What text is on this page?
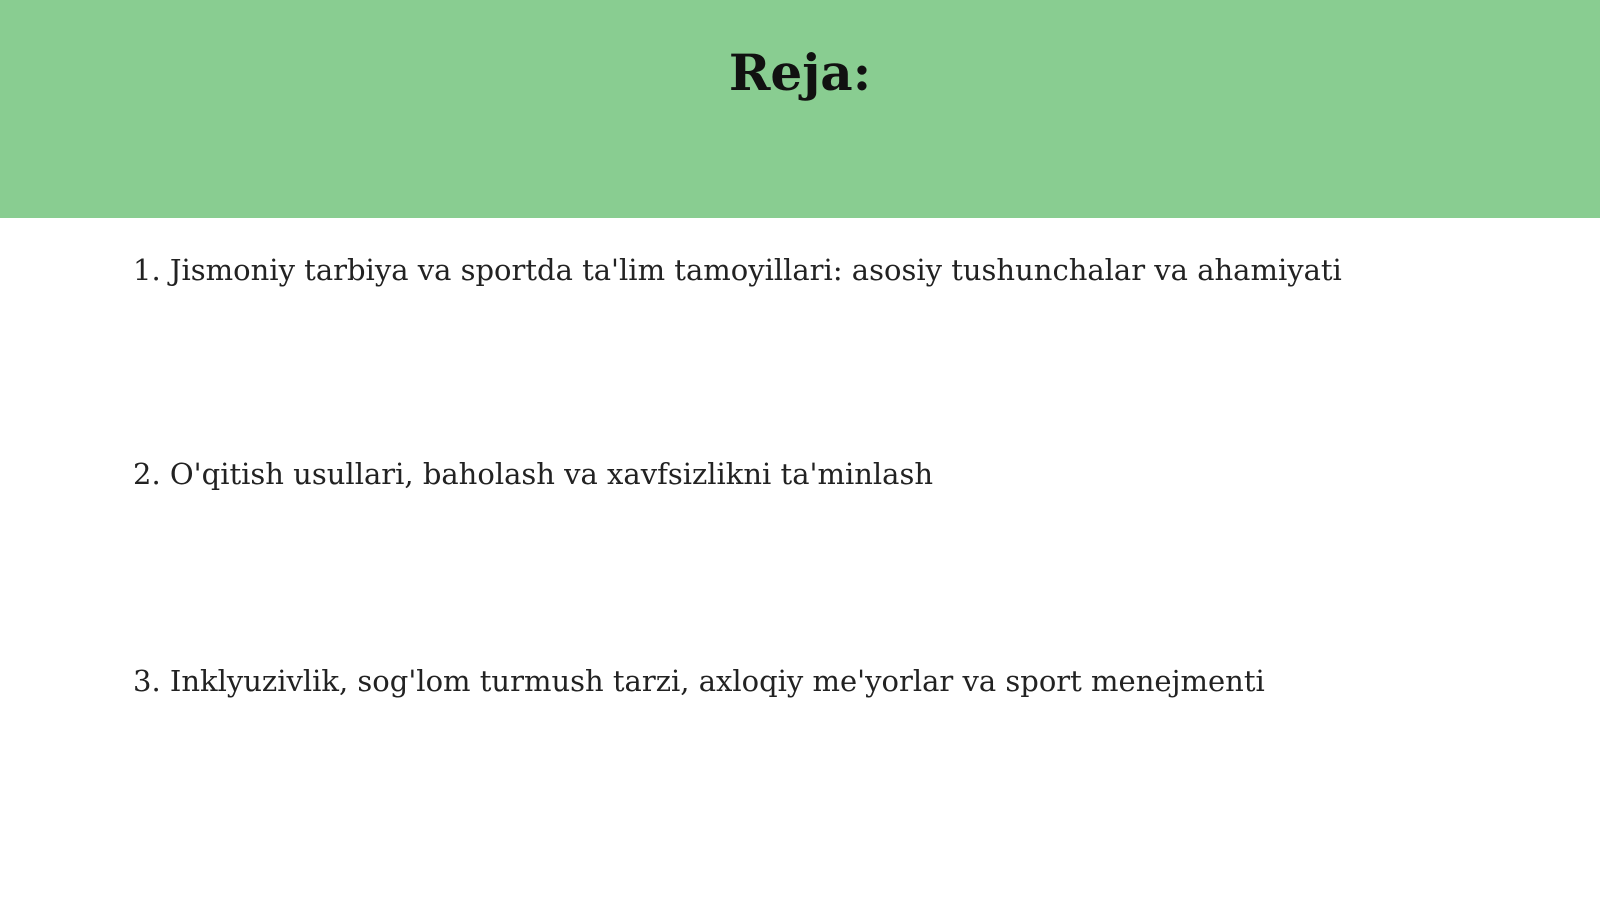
Reja:
1. Jismoniy tarbiya va sportda ta'lim tamoyillari: asosiy tushunchalar va ahamiyati
2. O'qitish usullari, baholash va xavfsizlikni ta'minlash
3. Inklyuzivlik, sog'lom turmush tarzi, axloqiy me'yorlar va sport menejmenti
